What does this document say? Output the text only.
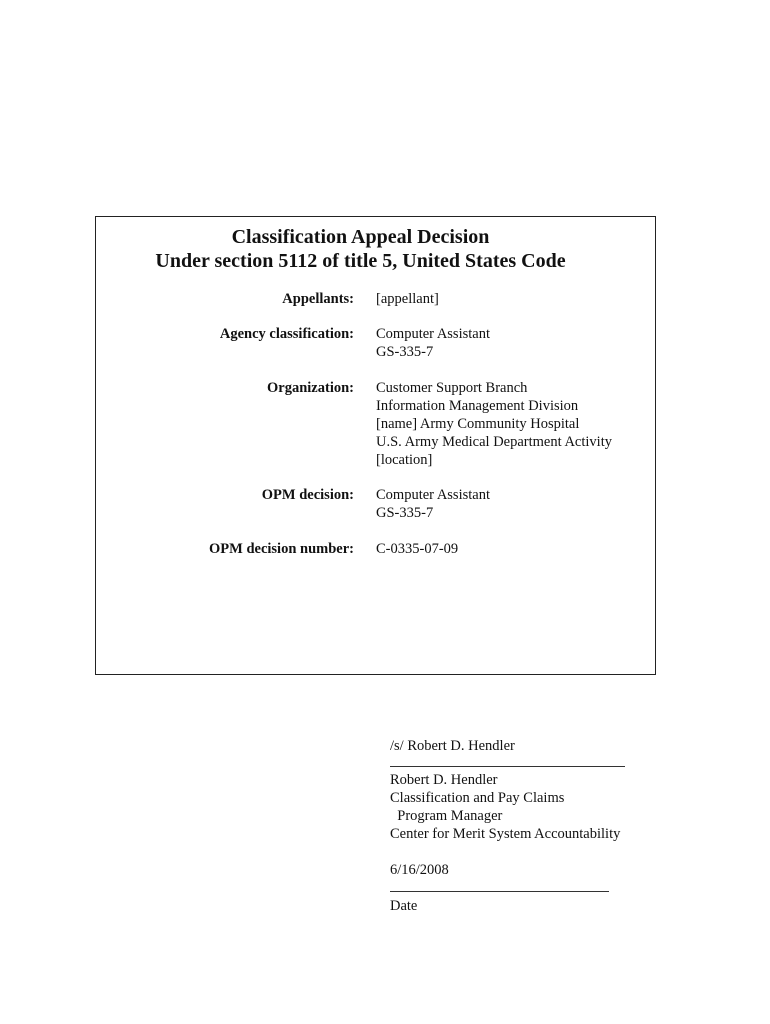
Classification Appeal Decision
Under section 5112 of title 5, United States Code
Appellants: [appellant]
Agency classification: Computer Assistant
GS-335-7
Organization: Customer Support Branch
Information Management Division
[name] Army Community Hospital
U.S. Army Medical Department Activity
[location]
OPM decision: Computer Assistant
GS-335-7
OPM decision number: C-0335-07-09
/s/ Robert D. Hendler
Robert D. Hendler
Classification and Pay Claims
Program Manager
Center for Merit System Accountability
6/16/2008
Date
